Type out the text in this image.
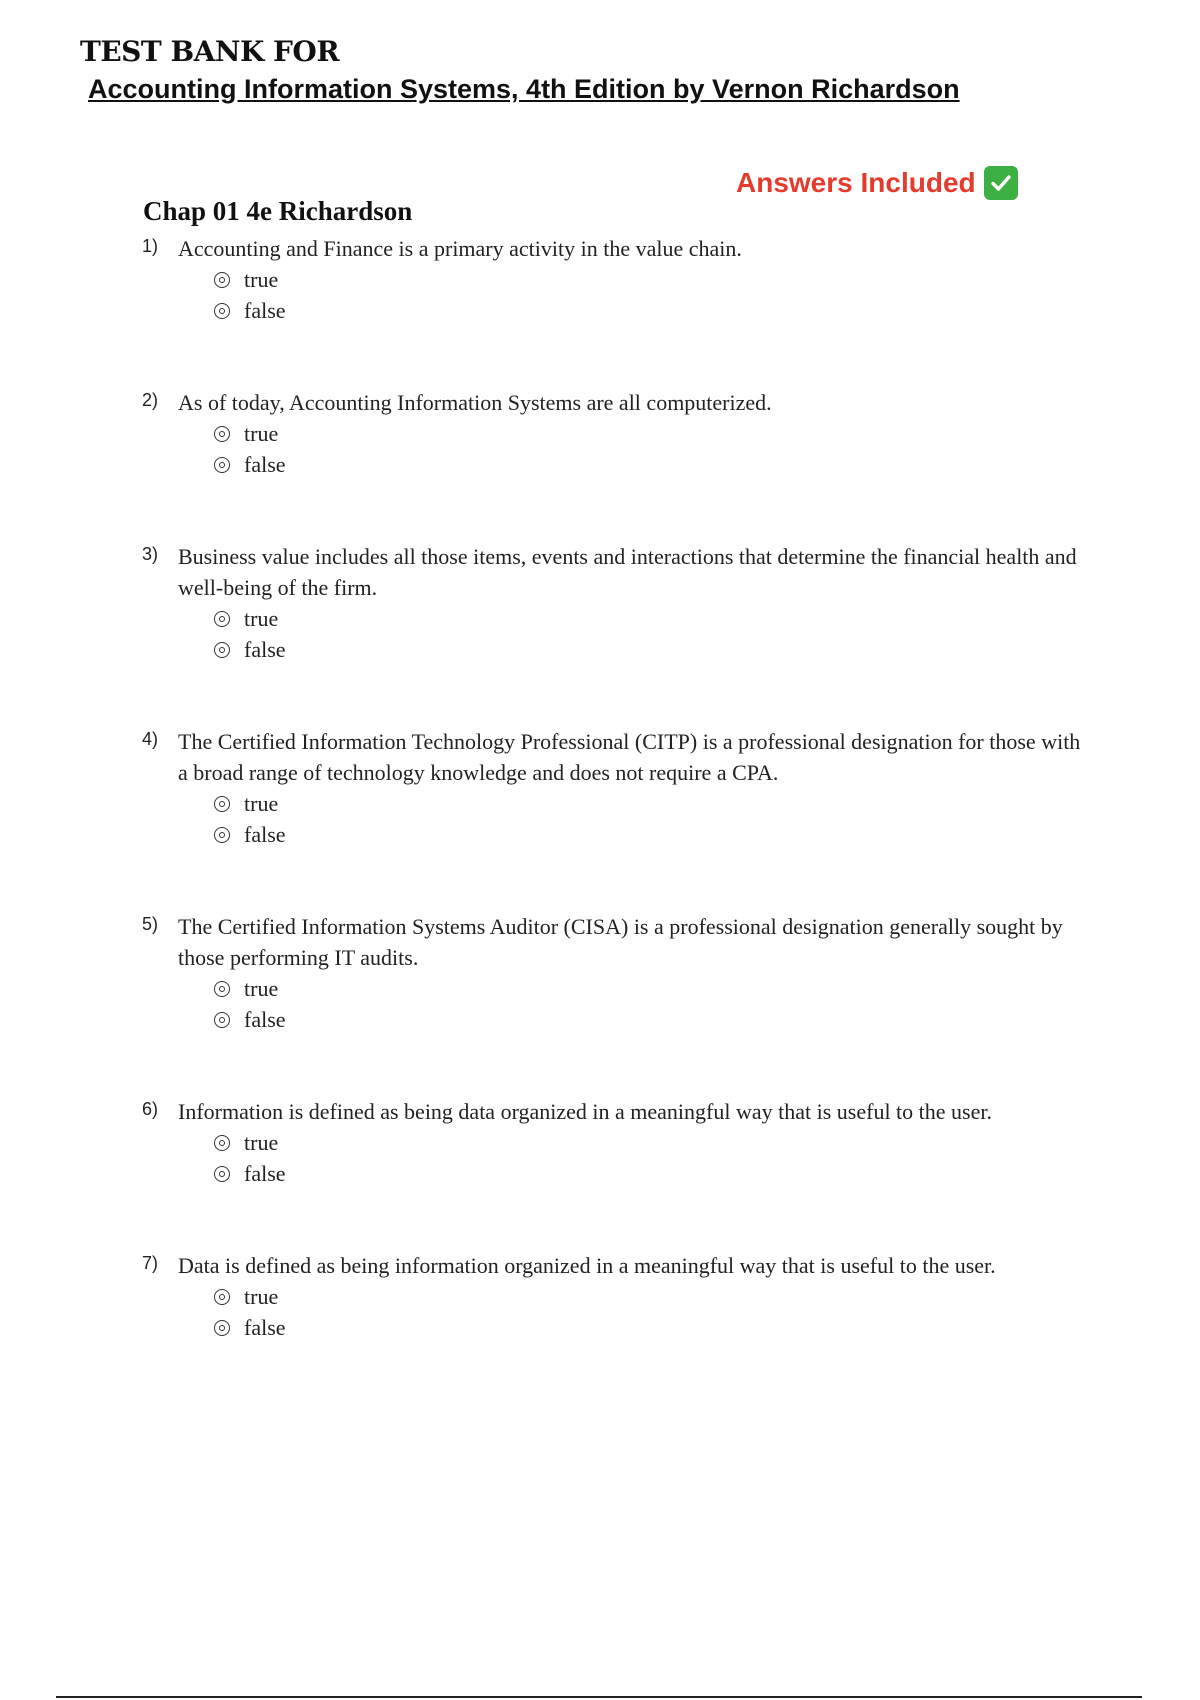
TEST BANK FOR
Accounting Information Systems, 4th Edition by Vernon Richardson
Answers Included
Chap 01 4e Richardson
1) Accounting and Finance is a primary activity in the value chain.
true
false
2) As of today, Accounting Information Systems are all computerized.
true
false
3) Business value includes all those items, events and interactions that determine the financial health and well-being of the firm.
true
false
4) The Certified Information Technology Professional (CITP) is a professional designation for those with a broad range of technology knowledge and does not require a CPA.
true
false
5) The Certified Information Systems Auditor (CISA) is a professional designation generally sought by those performing IT audits.
true
false
6) Information is defined as being data organized in a meaningful way that is useful to the user.
true
false
7) Data is defined as being information organized in a meaningful way that is useful to the user.
true
false
